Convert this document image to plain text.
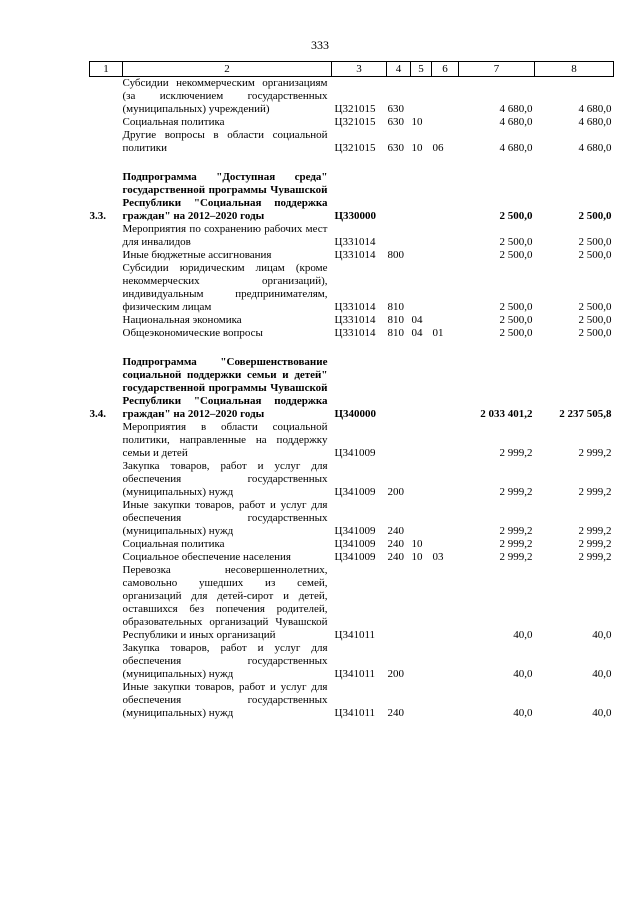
333
1	2	3	4	5	6	7	8
	Субсидии некоммерческим организациям (за исключением государственных (муниципальных) учреждений)	Ц321015	630			4 680,0	4 680,0
	Социальная политика	Ц321015	630	10		4 680,0	4 680,0
	Другие вопросы в области социальной политики	Ц321015	630	10	06	4 680,0	4 680,0

3.3.	Подпрограмма "Доступная среда" государственной программы Чувашской Республики "Социальная поддержка граждан" на 2012–2020 годы	Ц330000				2 500,0	2 500,0
	Мероприятия по сохранению рабочих мест для инвалидов	Ц331014				2 500,0	2 500,0
	Иные бюджетные ассигнования	Ц331014	800			2 500,0	2 500,0
	Субсидии юридическим лицам (кроме некоммерческих организаций), индивидуальным предпринимателям, физическим лицам	Ц331014	810			2 500,0	2 500,0
	Национальная экономика	Ц331014	810	04		2 500,0	2 500,0
	Общеэкономические вопросы	Ц331014	810	04	01	2 500,0	2 500,0

3.4.	Подпрограмма "Совершенствование социальной поддержки семьи и детей" государственной программы Чувашской Республики "Социальная поддержка граждан" на 2012–2020 годы	Ц340000				2 033 401,2	2 237 505,8
	Мероприятия в области социальной политики, направленные на поддержку семьи и детей	Ц341009				2 999,2	2 999,2
	Закупка товаров, работ и услуг для обеспечения государственных (муниципальных) нужд	Ц341009	200			2 999,2	2 999,2
	Иные закупки товаров, работ и услуг для обеспечения государственных (муниципальных) нужд	Ц341009	240			2 999,2	2 999,2
	Социальная политика	Ц341009	240	10		2 999,2	2 999,2
	Социальное обеспечение населения	Ц341009	240	10	03	2 999,2	2 999,2
	Перевозка несовершеннолетних, самовольно ушедших из семей, организаций для детей-сирот и детей, оставшихся без попечения родителей, образовательных организаций Чувашской Республики и иных организаций	Ц341011				40,0	40,0
	Закупка товаров, работ и услуг для обеспечения государственных (муниципальных) нужд	Ц341011	200			40,0	40,0
	Иные закупки товаров, работ и услуг для обеспечения государственных (муниципальных) нужд	Ц341011	240			40,0	40,0
